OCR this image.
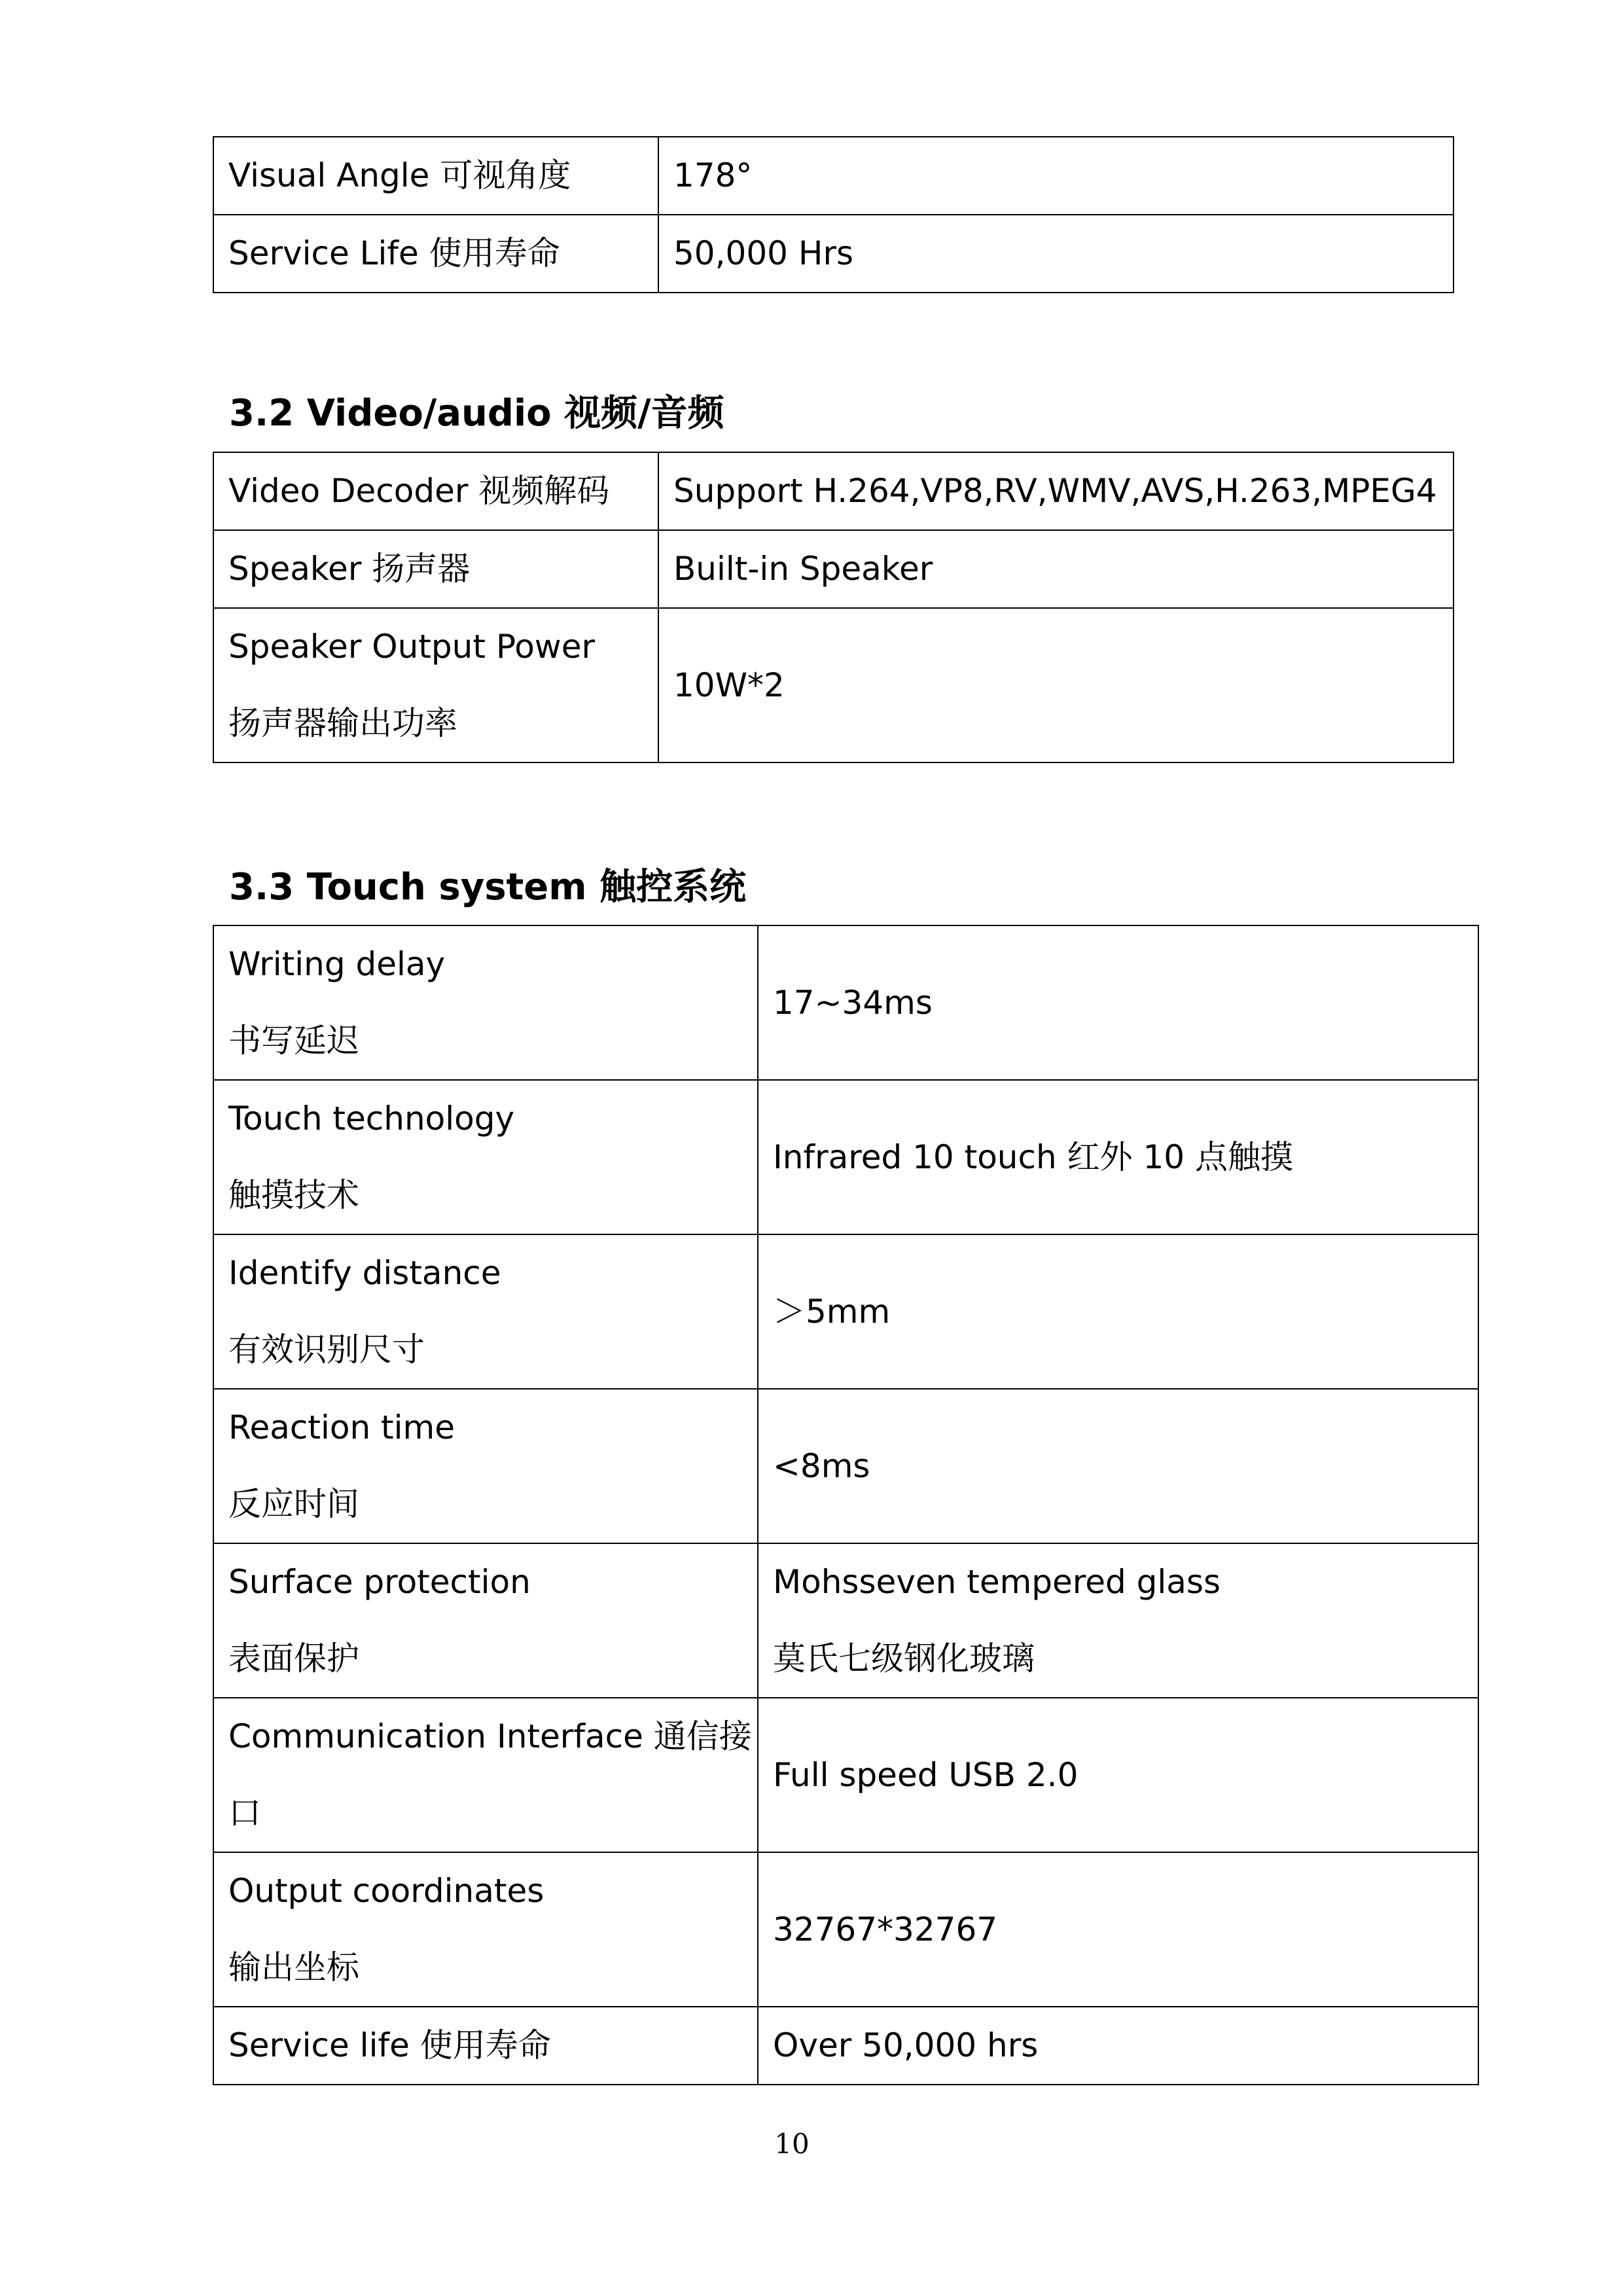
Visual Angle 可视角度	178°
Service Life 使用寿命	50,000 Hrs
3.2 Video/audio 视频/音频
Video Decoder 视频解码	Support H.264,VP8,RV,WMV,AVS,H.263,MPEG4
Speaker 扬声器	Built-in Speaker

Speaker Output Power
扬声器输出功率	10W*2
3.3 Touch system 触控系统
Writing delay
书写延迟	17~34ms

Touch technology
触摸技术	Infrared 10 touch 红外 10 点触摸

Identify distance
有效识别尺寸	＞5mm

Reaction time
反应时间	<8ms

Surface protection
表面保护	Mohsseven tempered glass
莫氏七级钢化玻璃

Communication Interface 通信接
口	Full speed USB 2.0

Output coordinates
输出坐标	32767*32767
Service life 使用寿命	Over 50,000 hrs
10
